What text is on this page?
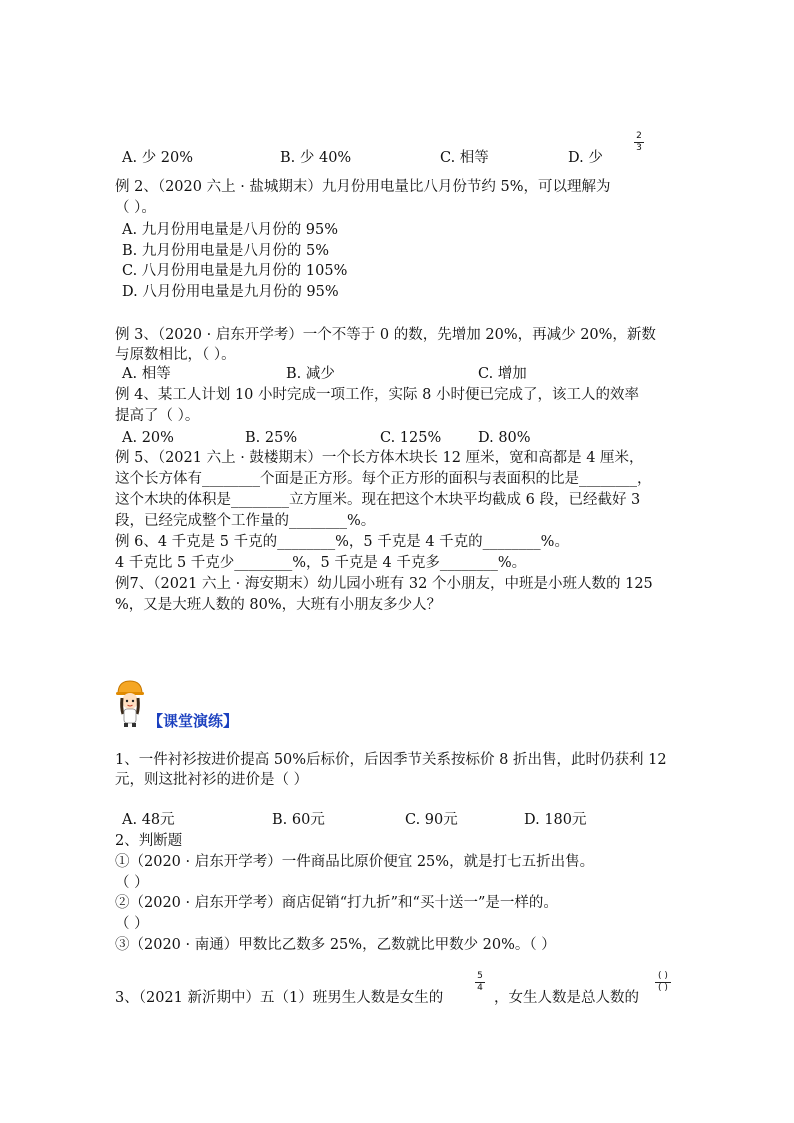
A. 少 20%	B. 少 40%	C. 相等	D. 少
2
3
例 2、（2020 六上 · 盐城期末）九月份用电量比八月份节约 5%，可以理解为
（ ）。
A. 九月份用电量是八月份的 95%
B. 九月份用电量是八月份的 5%
C. 八月份用电量是九月份的 105%
D. 八月份用电量是九月份的 95%
例 3、（2020 · 启东开学考）一个不等于 0 的数，先增加 20%，再减少 20%，新数
与原数相比，（ ）。
A. 相等	B. 减少	C. 增加
例 4、某工人计划 10 小时完成一项工作，实际 8 小时便已完成了，该工人的效率
提高了（ ）。
A. 20%	B. 25%	C. 125%	D. 80%
例 5、（2021 六上 · 鼓楼期末）一个长方体木块长 12 厘米，宽和高都是 4 厘米，
这个长方体有________个面是正方形。每个正方形的面积与表面积的比是________，
这个木块的体积是________立方厘米。现在把这个木块平均截成 6 段，已经截好 3
段，已经完成整个工作量的________%。
例 6、4 千克是 5 千克的________%，5 千克是 4 千克的________%。
4 千克比 5 千克少________%，5 千克是 4 千克多________%。
例7、（2021 六上 · 海安期末）幼儿园小班有 32 个小朋友，中班是小班人数的 125
%，又是大班人数的 80%，大班有小朋友多少人？
【课堂演练】
1、一件衬衫按进价提高 50%后标价，后因季节关系按标价 8 折出售，此时仍获利 12
元，则这批衬衫的进价是（ ）
A. 48元	B. 60元	C. 90元	D. 180元
2、判断题
①（2020 · 启东开学考）一件商品比原价便宜 25%，就是打七五折出售。
（ ）
②（2020 · 启东开学考）商店促销“打九折”和“买十送一”是一样的。
（ ）
③（2020 · 南通）甲数比乙数多 25%，乙数就比甲数少 20%。（ ）
3、（2021 新沂期中）五（1）班男生人数是女生的
5
4
，女生人数是总人数的
( )
( )
